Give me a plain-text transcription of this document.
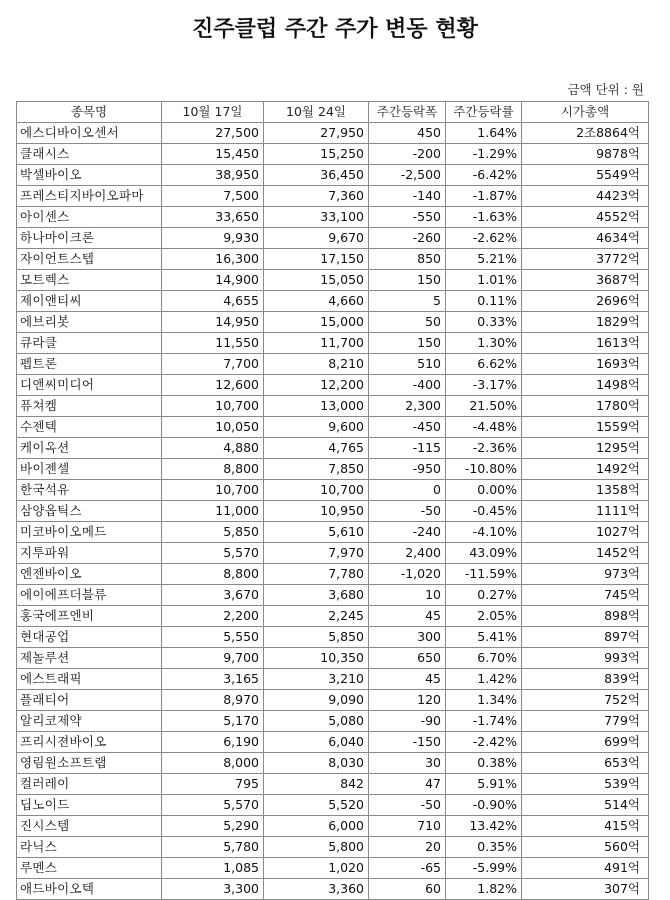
진주클럽 주간 주가 변동 현황
금액 단위 : 원
종목명	10월 17일	10월 24일	주간등락폭	주간등락률	시가총액
에스디바이오센서	27,500	27,950	450	1.64%	2조8864억
클래시스	15,450	15,250	-200	-1.29%	9878억
박셀바이오	38,950	36,450	-2,500	-6.42%	5549억
프레스티지바이오파마	7,500	7,360	-140	-1.87%	4423억
아이센스	33,650	33,100	-550	-1.63%	4552억
하나마이크론	9,930	9,670	-260	-2.62%	4634억
자이언트스텝	16,300	17,150	850	5.21%	3772억
모트렉스	14,900	15,050	150	1.01%	3687억
제이앤티씨	4,655	4,660	5	0.11%	2696억
에브리봇	14,950	15,000	50	0.33%	1829억
큐라클	11,550	11,700	150	1.30%	1613억
펩트론	7,700	8,210	510	6.62%	1693억
디앤씨미디어	12,600	12,200	-400	-3.17%	1498억
퓨쳐켐	10,700	13,000	2,300	21.50%	1780억
수젠텍	10,050	9,600	-450	-4.48%	1559억
케이옥션	4,880	4,765	-115	-2.36%	1295억
바이젠셀	8,800	7,850	-950	-10.80%	1492억
한국석유	10,700	10,700	0	0.00%	1358억
삼양옵틱스	11,000	10,950	-50	-0.45%	1111억
미코바이오메드	5,850	5,610	-240	-4.10%	1027억
지투파워	5,570	7,970	2,400	43.09%	1452억
엔젠바이오	8,800	7,780	-1,020	-11.59%	973억
에이에프더블류	3,670	3,680	10	0.27%	745억
홍국에프엔비	2,200	2,245	45	2.05%	898억
현대공업	5,550	5,850	300	5.41%	897억
제놀루션	9,700	10,350	650	6.70%	993억
에스트래픽	3,165	3,210	45	1.42%	839억
플래티어	8,970	9,090	120	1.34%	752억
알리코제약	5,170	5,080	-90	-1.74%	779억
프리시젼바이오	6,190	6,040	-150	-2.42%	699억
영림원소프트랩	8,000	8,030	30	0.38%	653억
컬러레이	795	842	47	5.91%	539억
딥노이드	5,570	5,520	-50	-0.90%	514억
진시스템	5,290	6,000	710	13.42%	415억
라닉스	5,780	5,800	20	0.35%	560억
루멘스	1,085	1,020	-65	-5.99%	491억
애드바이오텍	3,300	3,360	60	1.82%	307억
